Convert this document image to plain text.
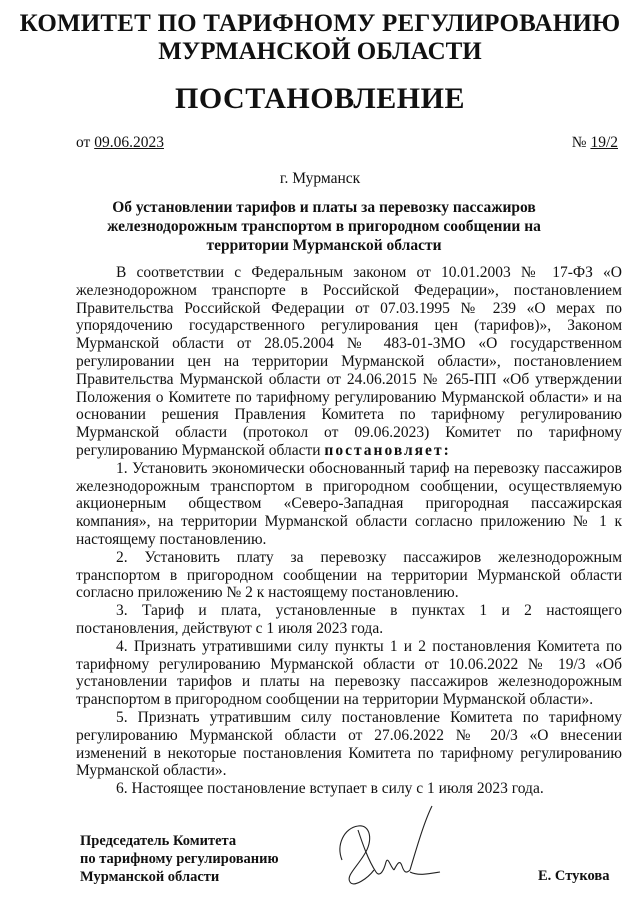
КОМИТЕТ ПО ТАРИФНОМУ РЕГУЛИРОВАНИЮ
МУРМАНСКОЙ ОБЛАСТИ
ПОСТАНОВЛЕНИЕ
от 09.06.2023	№ 19/2
г. Мурманск
Об установлении тарифов и платы за перевозку пассажиров железнодорожным транспортом в пригородном сообщении на территории Мурманской области

В соответствии с Федеральным законом от 10.01.2003 № 17-ФЗ «О железнодорожном транспорте в Российской Федерации», постановлением Правительства Российской Федерации от 07.03.1995 № 239 «О мерах по упорядочению государственного регулирования цен (тарифов)», Законом Мурманской области от 28.05.2004 № 483-01-ЗМО «О государственном регулировании цен на территории Мурманской области», постановлением Правительства Мурманской области от 24.06.2015 № 265-ПП «Об утверждении Положения о Комитете по тарифному регулированию Мурманской области» и на основании решения Правления Комитета по тарифному регулированию Мурманской области (протокол от 09.06.2023) Комитет по тарифному регулированию Мурманской области постановляет:

1. Установить экономически обоснованный тариф на перевозку пассажиров железнодорожным транспортом в пригородном сообщении, осуществляемую акционерным обществом «Северо-Западная пригородная пассажирская компания», на территории Мурманской области согласно приложению № 1 к настоящему постановлению.

2. Установить плату за перевозку пассажиров железнодорожным транспортом в пригородном сообщении на территории Мурманской области согласно приложению № 2 к настоящему постановлению.

3. Тариф и плата, установленные в пунктах 1 и 2 настоящего постановления, действуют с 1 июля 2023 года.

4. Признать утратившими силу пункты 1 и 2 постановления Комитета по тарифному регулированию Мурманской области от 10.06.2022 № 19/3 «Об установлении тарифов и платы на перевозку пассажиров железнодорожным транспортом в пригородном сообщении на территории Мурманской области».

5. Признать утратившим силу постановление Комитета по тарифному регулированию Мурманской области от 27.06.2022 № 20/3 «О внесении изменений в некоторые постановления Комитета по тарифному регулированию Мурманской области».

6. Настоящее постановление вступает в силу с 1 июля 2023 года.

Председатель Комитета
по тарифному регулированию
Мурманской области	Е. Стукова
